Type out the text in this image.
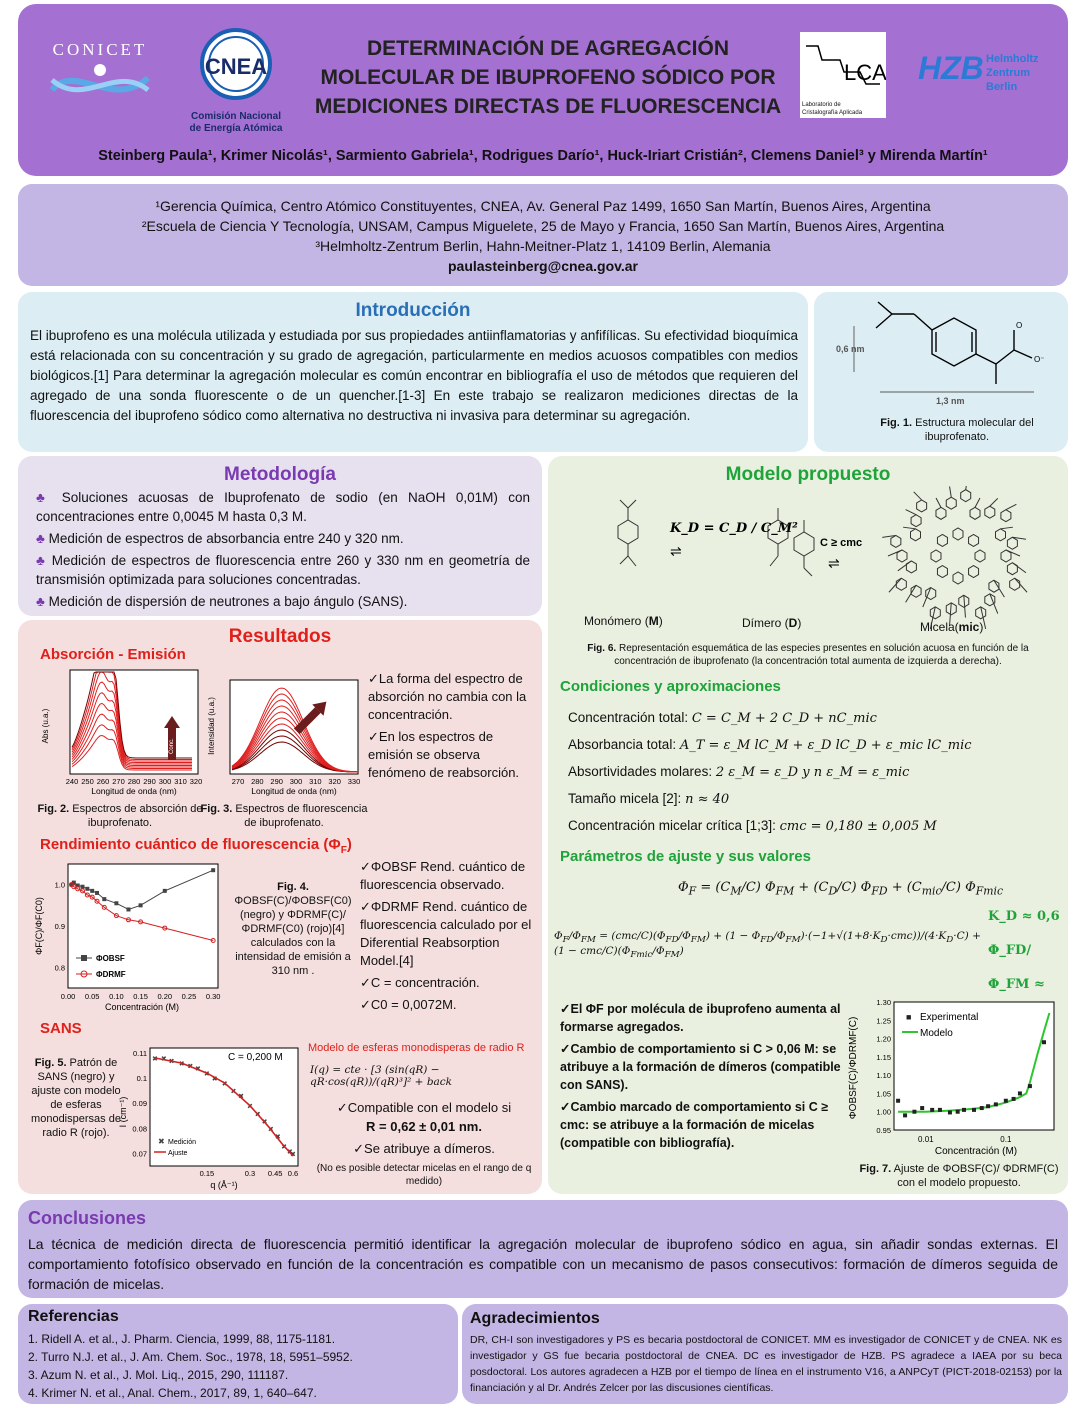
CONICET
CNEA
Comisión Nacional
de Energía Atómica
DETERMINACIÓN DE AGREGACIÓN
MOLECULAR DE IBUPROFENO SÓDICO POR
MEDICIONES DIRECTAS DE FLUORESCENCIA
LCA
Laboratorio de
Cristalografía Aplicada
HZB Helmholtz
Zentrum Berlin
Steinberg Paula¹, Krimer Nicolás¹, Sarmiento Gabriela¹, Rodrigues Darío¹, Huck-Iriart Cristián², Clemens Daniel³ y Mirenda Martín¹
¹Gerencia Química, Centro Atómico Constituyentes, CNEA, Av. General Paz 1499, 1650 San Martín, Buenos Aires, Argentina
²Escuela de Ciencia Y Tecnología, UNSAM, Campus Miguelete, 25 de Mayo y Francia, 1650 San Martín, Buenos Aires, Argentina
³Helmholtz-Zentrum Berlin, Hahn-Meitner-Platz 1, 14109 Berlin, Alemania
paulasteinberg@cnea.gov.ar
Introducción
El ibuprofeno es una molécula utilizada y estudiada por sus propiedades antiinflamatorias y anfifílicas. Su efectividad bioquímica está relacionada con su concentración y su grado de agregación, particularmente en medios acuosos compatibles con medios biológicos.[1] Para determinar la agregación molecular es común encontrar en bibliografía el uso de métodos que requieren del agregado de una sonda fluorescente o de un quencher.[1-3] En este trabajo se realizaron mediciones directas de la fluorescencia del ibuprofeno sódico como alternativa no destructiva ni invasiva para determinar su agregación.
O
O⁻
0,6 nm
1,3 nm
Fig. 1. Estructura molecular del ibuprofenato.
Metodología
♣ Soluciones acuosas de Ibuprofenato de sodio (en NaOH 0,01M) con concentraciones entre 0,0045 M hasta 0,3 M.
♣ Medición de espectros de absorbancia entre 240 y 320 nm.
♣ Medición de espectros de fluorescencia entre 260 y 330 nm en geometría de transmisión optimizada para soluciones concentradas.
♣ Medición de dispersión de neutrones a bajo ángulo (SANS).
Resultados
Absorción - Emisión
Abs (u.a.)
240 250 260 270 280 290 300 310 320
Longitud de onda (nm)
Conc.
Fig. 2. Espectros de absorción de ibuprofenato.
Intensidad (u.a.)
270 280 290 300 310 320 330
Longitud de onda (nm)
Fig. 3. Espectros de fluorescencia de ibuprofenato.
✓La forma del espectro de absorción no cambia con la concentración.
✓En los espectros de emisión se observa fenómeno de reabsorción.
Rendimiento cuántico de fluorescencia $(\Phi_F)$
0.00 0.05 0.10 0.15 0.20 0.25 0.30
0.8
0.9
1.0
ΦF(C)/ΦF(C0)
Concentración (M)
ΦOBSF
ΦDRMF
Fig. 4.
ΦOBSF(C)/ΦOBSF(C0) (negro) y ΦDRMF(C)/ΦDRMF(C0) (rojo)[4] calculados con la intensidad de emisión a 310 nm .
✓ΦOBSF Rend. cuántico de fluorescencia observado.
✓ΦDRMF Rend. cuántico de fluorescencia calculado por el Diferential Reabsorption Model.[4]
✓C = concentración.
✓C0 = 0,0072M.
SANS
Fig. 5. Patrón de SANS (negro) y ajuste con modelo de esferas monodispersas de radio R (rojo).
✖ ✖ ✖ ✖ ✖ ✖
✖
✖
✖
✖
✖
✖
✖
✖
✖
✖
✖
✖
✖
0.15	0.3 0.45 0.6
0.07
0.08
0.09
0.1
0.11	C = 0,200 M
I (cm⁻¹)
q (Å⁻¹)
✖ Medición
Ajuste
Modelo de esferas monodisperas de radio R
I(q) = cte · [3 (sin(qR) − qR·cos(qR))/(qR)³]² + back
✓Compatible con el modelo si
R = 0,62 ± 0,01 nm.
✓Se atribuye a dímeros.
(No es posible detectar micelas en el rango de q medido)
Modelo propuesto
K_D = C_D / C_M²
⇌	C ≥ cmc
⇌
Monómero (M)	Dímero (D)	Micela(mic)
Fig. 6. Representación esquemática de las especies presentes en solución acuosa en función de la concentración de ibuprofenato (la concentración total aumenta de izquierda a derecha).
Condiciones y aproximaciones
Concentración total: C = C_M + 2 C_D + nC_mic
Absorbancia total: A_T = ε_M lC_M + ε_D lC_D + ε_mic lC_mic
Absortividades molares: 2 ε_M = ε_D y n ε_M = ε_mic
Tamaño micela [2]: n ≈ 40
Concentración micelar crítica [1;3]: cmc = 0,180 ± 0,005 M
Parámetros de ajuste y sus valores
$\Phi_F = (C_M/C) \Phi_{FM} + (C_D/C) \Phi_{FD} + (C_{mic}/C)$ $\Phi_{Fmic}$
$\Phi_F/\Phi_{FM} = (cmc/C)(\Phi_{FD}/\Phi_{FM}) + (1 - \Phi_{FD}/\Phi_{FM})\cdot(-1+√(1+8\cdot K_D\cdot cmc))/(4\cdot K_D\cdot C) + (1 - cmc/C)(\Phi_{Fmic}/\Phi_{FM})$
K_D ≈ 0,6
Φ_FD/Φ_FM ≈
✓El ΦF por molécula de ibuprofeno aumenta al formarse agregados.
✓Cambio de comportamiento si C > 0,06 M: se atribuye a la formación de dímeros (compatible con SANS).
✓Cambio marcado de comportamiento si C ≥ cmc: se atribuye a la formación de micelas (compatible con bibliografía).	0.01	0.1
0.95
1.00
1.05
1.10
1.15
1.20
1.25
1.30
ΦOBSF(C)/ΦDRMF(C)
Concentración (M)
■ Experimental
Modelo
Fig. 7. Ajuste de ΦOBSF(C)/ ΦDRMF(C) con el modelo propuesto.
Conclusiones
La técnica de medición directa de fluorescencia permitió identificar la agregación molecular de ibuprofeno sódico en agua, sin añadir sondas externas. El comportamiento fotofísico observado en función de la concentración es compatible con un mecanismo de pasos consecutivos: formación de dímeros seguida de formación de micelas.
Referencias
1. Ridell A. et al., J. Pharm. Ciencia, 1999, 88, 1175-1181.
2. Turro N.J. et al., J. Am. Chem. Soc., 1978, 18, 5951–5952.
3. Azum N. et al., J. Mol. Liq., 2015, 290, 111187.
4. Krimer N. et al., Anal. Chem., 2017, 89, 1, 640–647.
Agradecimientos
DR, CH-I son investigadores y PS es becaria postdoctoral de CONICET. MM es investigador de CONICET y de CNEA. NK es investigador y GS fue becaria postdoctoral de CNEA. DC es investigador de HZB. PS agradece a IAEA por su beca posdoctoral. Los autores agradecen a HZB por el tiempo de línea en el instrumento V16, a ANPCyT (PICT-2018-02153) por la financiación y al Dr. Andrés Zelcer por las discusiones científicas.
